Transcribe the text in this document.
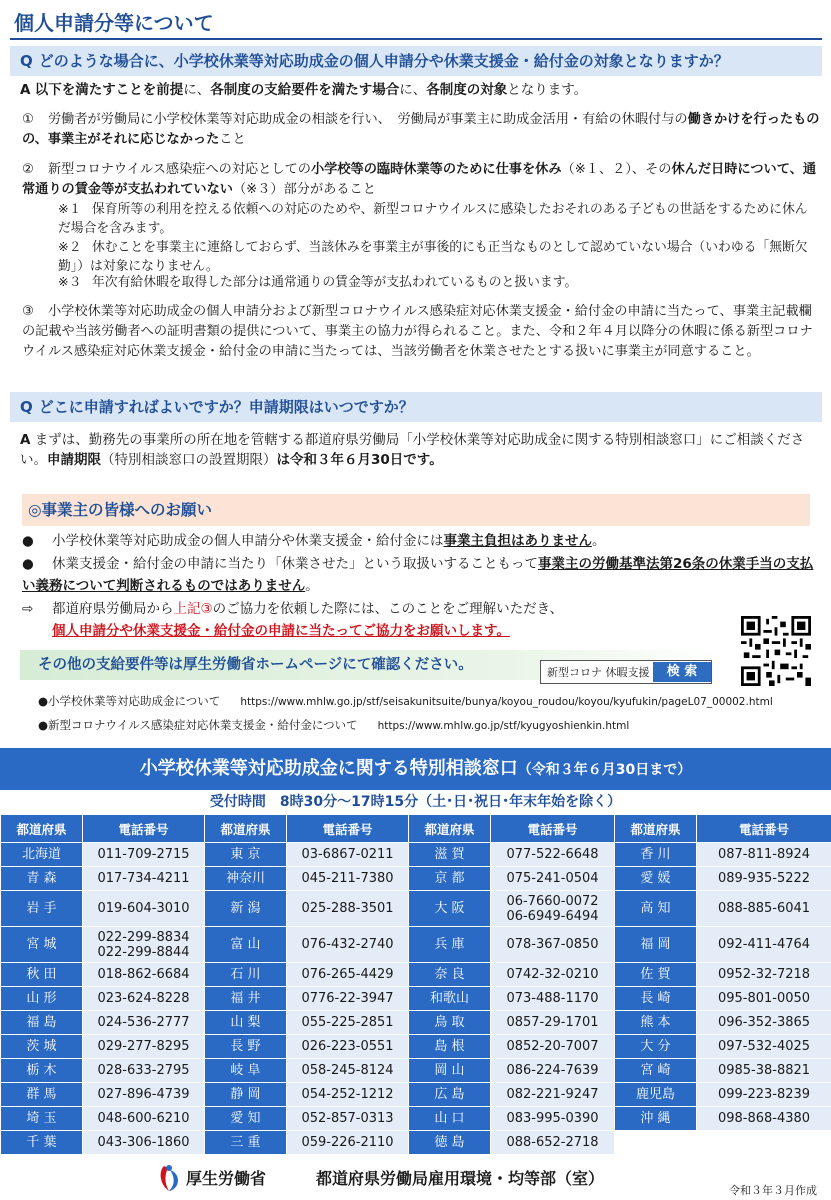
個人申請分等について
Q どのような場合に、小学校休業等対応助成金の個人申請分や休業支援金・給付金の対象となりますか？
A 以下を満たすことを前提に、各制度の支給要件を満たす場合に、各制度の対象となります。
① 労働者が労働局に小学校休業等対応助成金の相談を行い、　労働局が事業主に助成金活用・有給の休暇付与の働きかけを行ったものの、事業主がそれに応じなかったこと
② 新型コロナウイルス感染症への対応としての小学校等の臨時休業等のために仕事を休み（※１、２）、その休んだ日時について、通常通りの賃金等が支払われていない（※３）部分があること
※１ 保育所等の利用を控える依頼への対応のためや、新型コロナウイルスに感染したおそれのある子どもの世話をするために休んだ場合を含みます。
※２ 休むことを事業主に連絡しておらず、当該休みを事業主が事後的にも正当なものとして認めていない場合（いわゆる「無断欠勤」）は対象になりません。
※３ 年次有給休暇を取得した部分は通常通りの賃金等が支払われているものと扱います。
③ 小学校休業等対応助成金の個人申請分および新型コロナウイルス感染症対応休業支援金・給付金の申請に当たって、事業主記載欄の記載や当該労働者への証明書類の提供について、事業主の協力が得られること。また、令和２年４月以降分の休暇に係る新型コロナウイルス感染症対応休業支援金・給付金の申請に当たっては、当該労働者を休業させたとする扱いに事業主が同意すること。
Q どこに申請すればよいですか？申請期限はいつですか？
A まずは、勤務先の事業所の所在地を管轄する都道府県労働局「小学校休業等対応助成金に関する特別相談窓口」にご相談ください。申請期限（特別相談窓口の設置期限）は令和３年６月30日です。
◎事業主の皆様へのお願い
● 小学校休業等対応助成金の個人申請分や休業支援金・給付金には事業主負担はありません。
● 休業支援金・給付金の申請に当たり「休業させた」という取扱いすることもって事業主の労働基準法第26条の休業手当の支払い義務について判断されるものではありません。
⇨ 都道府県労働局から上記③のご協力を依頼した際には、このことをご理解いただき、
個人申請分や休業支援金・給付金の申請に当たってご協力をお願いします。
その他の支給要件等は厚生労働省ホームページにて確認ください。	新型コロナ 休暇支援	検 索
●小学校休業等対応助成金について https://www.mhlw.go.jp/stf/seisakunitsuite/bunya/koyou_roudou/koyou/kyufukin/pageL07_00002.html
●新型コロナウイルス感染症対応休業支援金・給付金について https://www.mhlw.go.jp/stf/kyugyoshienkin.html
小学校休業等対応助成金に関する特別相談窓口（令和３年６月30日まで）
受付時間　8時30分～17時15分（土･日･祝日･年末年始を除く）
都道府県	電話番号	都道府県	電話番号	都道府県	電話番号	都道府県	電話番号
北海道	011-709-2715	東 京	03-6867-0211	滋 賀	077-522-6648	香 川	087-811-8924
青 森	017-734-4211	神奈川	045-211-7380	京 都	075-241-0504	愛 媛	089-935-5222
岩 手	019-604-3010	新 潟	025-288-3501	大 阪	06-7660-0072
06-6949-6494	高 知	088-885-6041
宮 城	022-299-8834
022-299-8844	富 山	076-432-2740	兵 庫	078-367-0850	福 岡	092-411-4764
秋 田	018-862-6684	石 川	076-265-4429	奈 良	0742-32-0210	佐 賀	0952-32-7218
山 形	023-624-8228	福 井	0776-22-3947	和歌山	073-488-1170	長 崎	095-801-0050
福 島	024-536-2777	山 梨	055-225-2851	鳥 取	0857-29-1701	熊 本	096-352-3865
茨 城	029-277-8295	長 野	026-223-0551	島 根	0852-20-7007	大 分	097-532-4025
栃 木	028-633-2795	岐 阜	058-245-8124	岡 山	086-224-7639	宮 崎	0985-38-8821
群 馬	027-896-4739	静 岡	054-252-1212	広 島	082-221-9247	鹿児島	099-223-8239
埼 玉	048-600-6210	愛 知	052-857-0313	山 口	083-995-0390	沖 縄	098-868-4380
千 葉	043-306-1860	三 重	059-226-2110	徳 島	088-652-2718		
厚生労働省	都道府県労働局雇用環境・均等部（室）
令和３年３月作成
